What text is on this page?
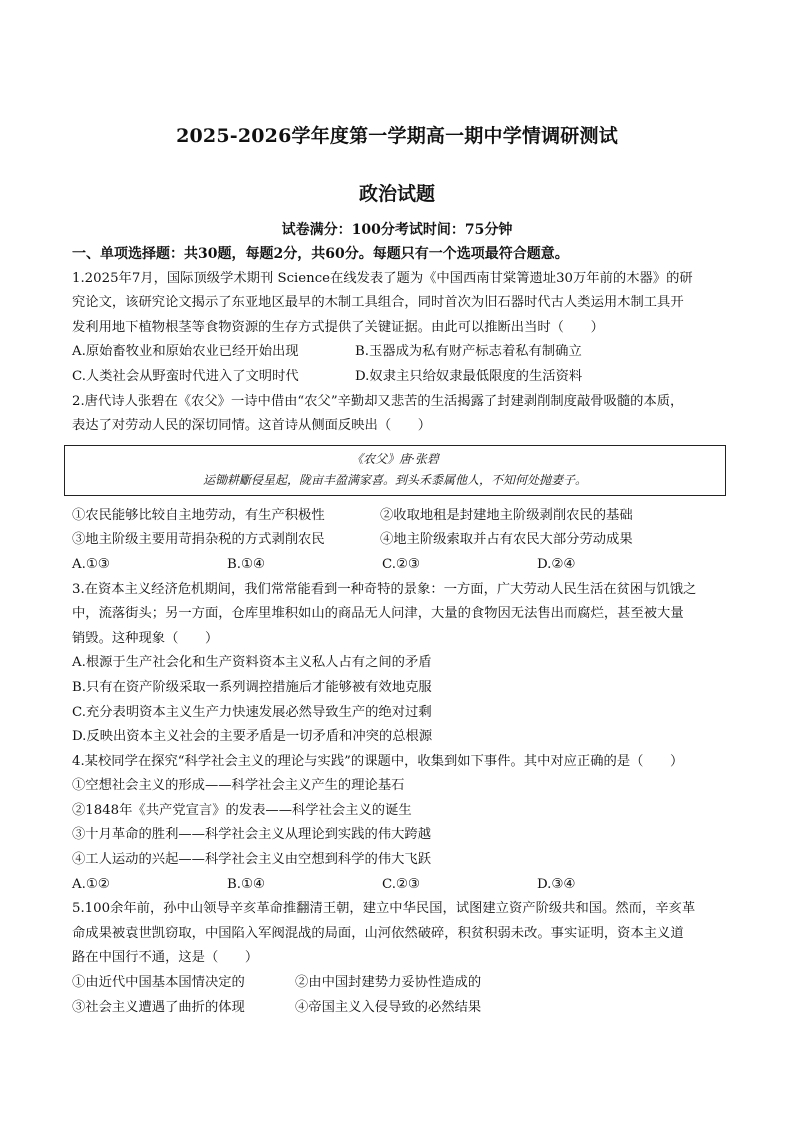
2025-2026学年度第一学期高一期中学情调研测试
政治试题
试卷满分：100分考试时间：75分钟
一、单项选择题：共30题，每题2分，共60分。每题只有一个选项最符合题意。
1.2025年7月，国际顶级学术期刊 Science在线发表了题为《中国西南甘棠箐遗址30万年前的木器》的研
究论文，该研究论文揭示了东亚地区最早的木制工具组合，同时首次为旧石器时代古人类运用木制工具开
发利用地下植物根茎等食物资源的生存方式提供了关键证据。由此可以推断出当时（　　）
A.原始畜牧业和原始农业已经开始出现	B.玉器成为私有财产标志着私有制确立
C.人类社会从野蛮时代进入了文明时代	D.奴隶主只给奴隶最低限度的生活资料
2.唐代诗人张碧在《农父》一诗中借由“农父”辛勤却又悲苦的生活揭露了封建剥削制度敲骨吸髓的本质，
表达了对劳动人民的深切同情。这首诗从侧面反映出（　　）
《农父》唐·张碧
运锄耕斸侵星起，陇亩丰盈满家喜。到头禾黍属他人，不知何处抛妻子。
①农民能够比较自主地劳动，有生产积极性	②收取地租是封建地主阶级剥削农民的基础
③地主阶级主要用苛捐杂税的方式剥削农民	④地主阶级索取并占有农民大部分劳动成果
A.①③	B.①④	C.②③	D.②④
3.在资本主义经济危机期间，我们常常能看到一种奇特的景象：一方面，广大劳动人民生活在贫困与饥饿之
中，流落街头；另一方面，仓库里堆积如山的商品无人问津，大量的食物因无法售出而腐烂，甚至被大量
销毁。这种现象（　　）
A.根源于生产社会化和生产资料资本主义私人占有之间的矛盾
B.只有在资产阶级采取一系列调控措施后才能够被有效地克服
C.充分表明资本主义生产力快速发展必然导致生产的绝对过剩
D.反映出资本主义社会的主要矛盾是一切矛盾和冲突的总根源
4.某校同学在探究“科学社会主义的理论与实践”的课题中，收集到如下事件。其中对应正确的是（　　）
①空想社会主义的形成——科学社会主义产生的理论基石
②1848年《共产党宣言》的发表——科学社会主义的诞生
③十月革命的胜利——科学社会主义从理论到实践的伟大跨越
④工人运动的兴起——科学社会主义由空想到科学的伟大飞跃
A.①②	B.①④	C.②③	D.③④
5.100余年前，孙中山领导辛亥革命推翻清王朝，建立中华民国，试图建立资产阶级共和国。然而，辛亥革
命成果被袁世凯窃取，中国陷入军阀混战的局面，山河依然破碎，积贫积弱未改。事实证明，资本主义道
路在中国行不通，这是（　　）
①由近代中国基本国情决定的	②由中国封建势力妥协性造成的
③社会主义遭遇了曲折的体现	④帝国主义入侵导致的必然结果
